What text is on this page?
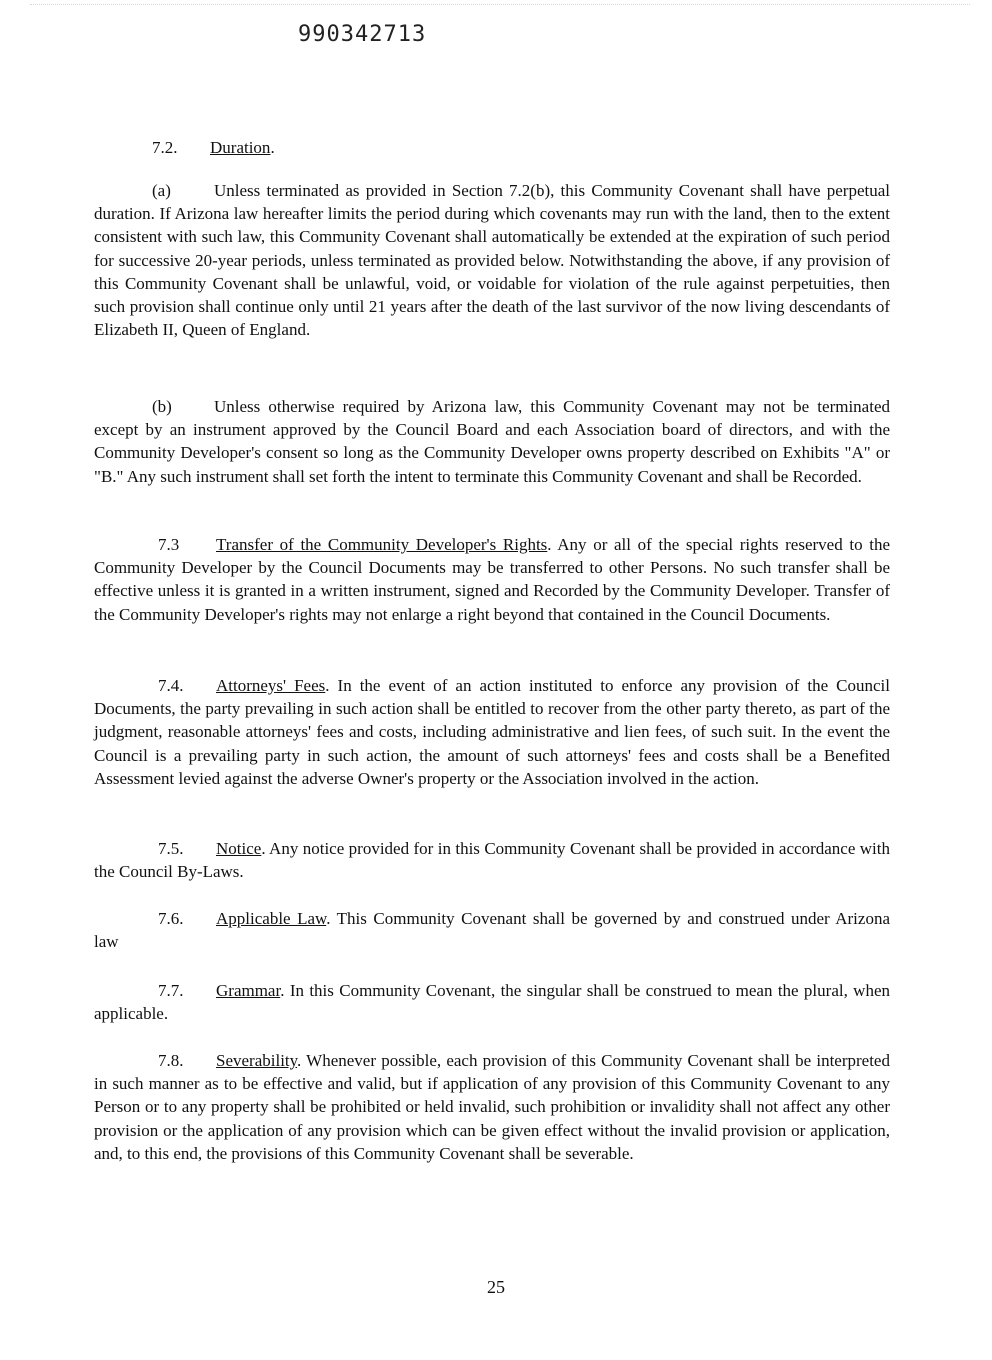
990342713
7.2. Duration.
(a)	Unless terminated as provided in Section 7.2(b), this Community Covenant shall have perpetual duration. If Arizona law hereafter limits the period during which covenants may run with the land, then to the extent consistent with such law, this Community Covenant shall automatically be extended at the expiration of such period for successive 20-year periods, unless terminated as provided below. Notwithstanding the above, if any provision of this Community Covenant shall be unlawful, void, or voidable for violation of the rule against perpetuities, then such provision shall continue only until 21 years after the death of the last survivor of the now living descendants of Elizabeth II, Queen of England.
(b) Unless otherwise required by Arizona law, this Community Covenant may not be terminated except by an instrument approved by the Council Board and each Association board of directors, and with the Community Developer's consent so long as the Community Developer owns property described on Exhibits "A" or "B." Any such instrument shall set forth the intent to terminate this Community Covenant and shall be Recorded.
7.3 Transfer of the Community Developer's Rights. Any or all of the special rights reserved to the Community Developer by the Council Documents may be transferred to other Persons. No such transfer shall be effective unless it is granted in a written instrument, signed and Recorded by the Community Developer. Transfer of the Community Developer's rights may not enlarge a right beyond that contained in the Council Documents.
7.4. Attorneys' Fees. In the event of an action instituted to enforce any provision of the Council Documents, the party prevailing in such action shall be entitled to recover from the other party thereto, as part of the judgment, reasonable attorneys' fees and costs, including administrative and lien fees, of such suit. In the event the Council is a prevailing party in such action, the amount of such attorneys' fees and costs shall be a Benefited Assessment levied against the adverse Owner's property or the Association involved in the action.
7.5. Notice. Any notice provided for in this Community Covenant shall be provided in accordance with the Council By-Laws.
7.6. Applicable Law. This Community Covenant shall be governed by and construed under Arizona law
7.7. Grammar. In this Community Covenant, the singular shall be construed to mean the plural, when applicable.
7.8. Severability. Whenever possible, each provision of this Community Covenant shall be interpreted in such manner as to be effective and valid, but if application of any provision of this Community Covenant to any Person or to any property shall be prohibited or held invalid, such prohibition or invalidity shall not affect any other provision or the application of any provision which can be given effect without the invalid provision or application, and, to this end, the provisions of this Community Covenant shall be severable.
25
